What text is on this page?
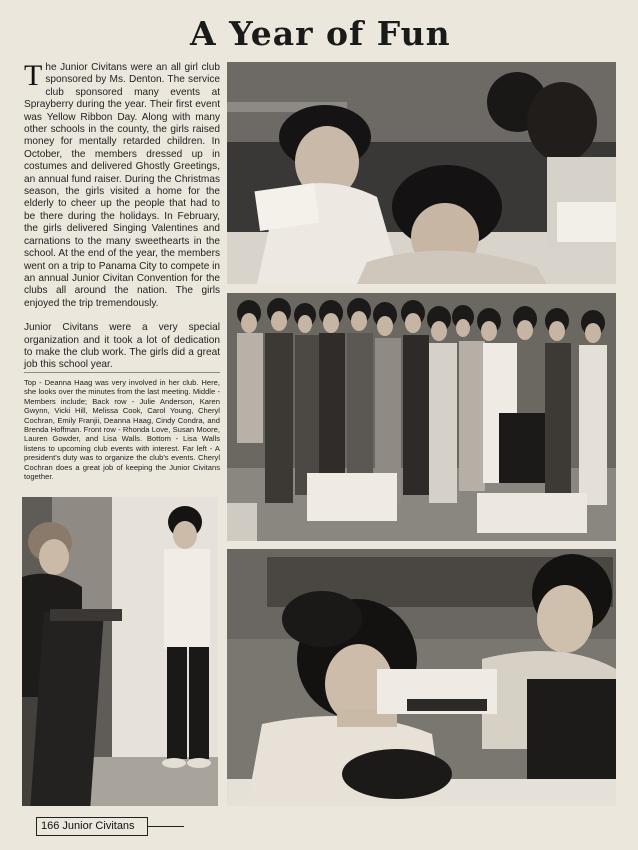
A Year of Fun

The Junior Civitans were an all girl club sponsored by Ms. Denton. The service club sponsored many events at Sprayberry during the year. Their first event was Yellow Ribbon Day. Along with many other schools in the county, the girls raised money for mentally retarded children. In October, the members dressed up in costumes and delivered Ghostly Greetings, an annual fund raiser. During the Christmas season, the girls visited a home for the elderly to cheer up the people that had to be there during the holidays. In February, the girls delivered Singing Valentines and carnations to the many sweethearts in the school. At the end of the year, the members went on a trip to Panama City to compete in an annual Junior Civitan Convention for the clubs all around the nation. The girls enjoyed the trip tremendously.

Junior Civitans were a very special organization and it took a lot of dedication to make the club work. The girls did a great job this school year.

Top - Deanna Haag was very involved in her club. Here, she looks over the minutes from the last meeting. Middle - Members include; Back row - Julie Anderson, Karen Gwynn, Vicki Hill, Melissa Cook, Carol Young, Cheryl Cochran, Emily Franjii, Deanna Haag, Cindy Condra, and Brenda Hoffman. Front row - Rhonda Love, Susan Moore, Lauren Gowder, and Lisa Walls. Bottom - Lisa Walls listens to upcoming club events with interest. Far left - A president's duty was to organize the club's events. Cheryl Cochran does a great job of keeping the Junior Civitans together.
166 Junior Civitans
